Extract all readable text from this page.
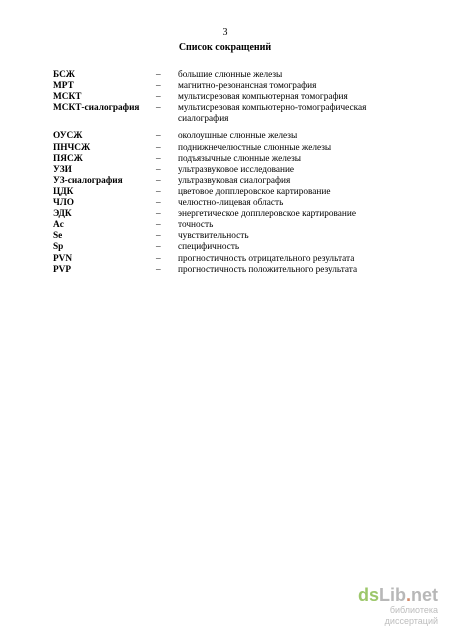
3
Список сокращений
БСЖ	–	большие слюнные железы
МРТ	–	магнитно-резонансная томография
МСКТ	–	мультисрезовая компьютерная томография
МСКТ-сиалография	–	мультисрезовая компьютерно-томографическая сиалография
ОУСЖ	–	околоушные слюнные железы
ПНЧСЖ	–	поднижнечелюстные слюнные железы
ПЯСЖ	–	подъязычные слюнные железы
УЗИ	–	ультразвуковое исследование
УЗ-сиалография	–	ультразвуковая сиалография
ЦДК	–	цветовое допплеровское картирование
ЧЛО	–	челюстно-лицевая область
ЭДК	–	энергетическое допплеровское картирование
Ac	–	точность
Se	–	чувствительность
Sp	–	специфичность
PVN	–	прогностичность отрицательного результата
PVP	–	прогностичность положительного результата
ds Lib . net
библиотека диссертаций
